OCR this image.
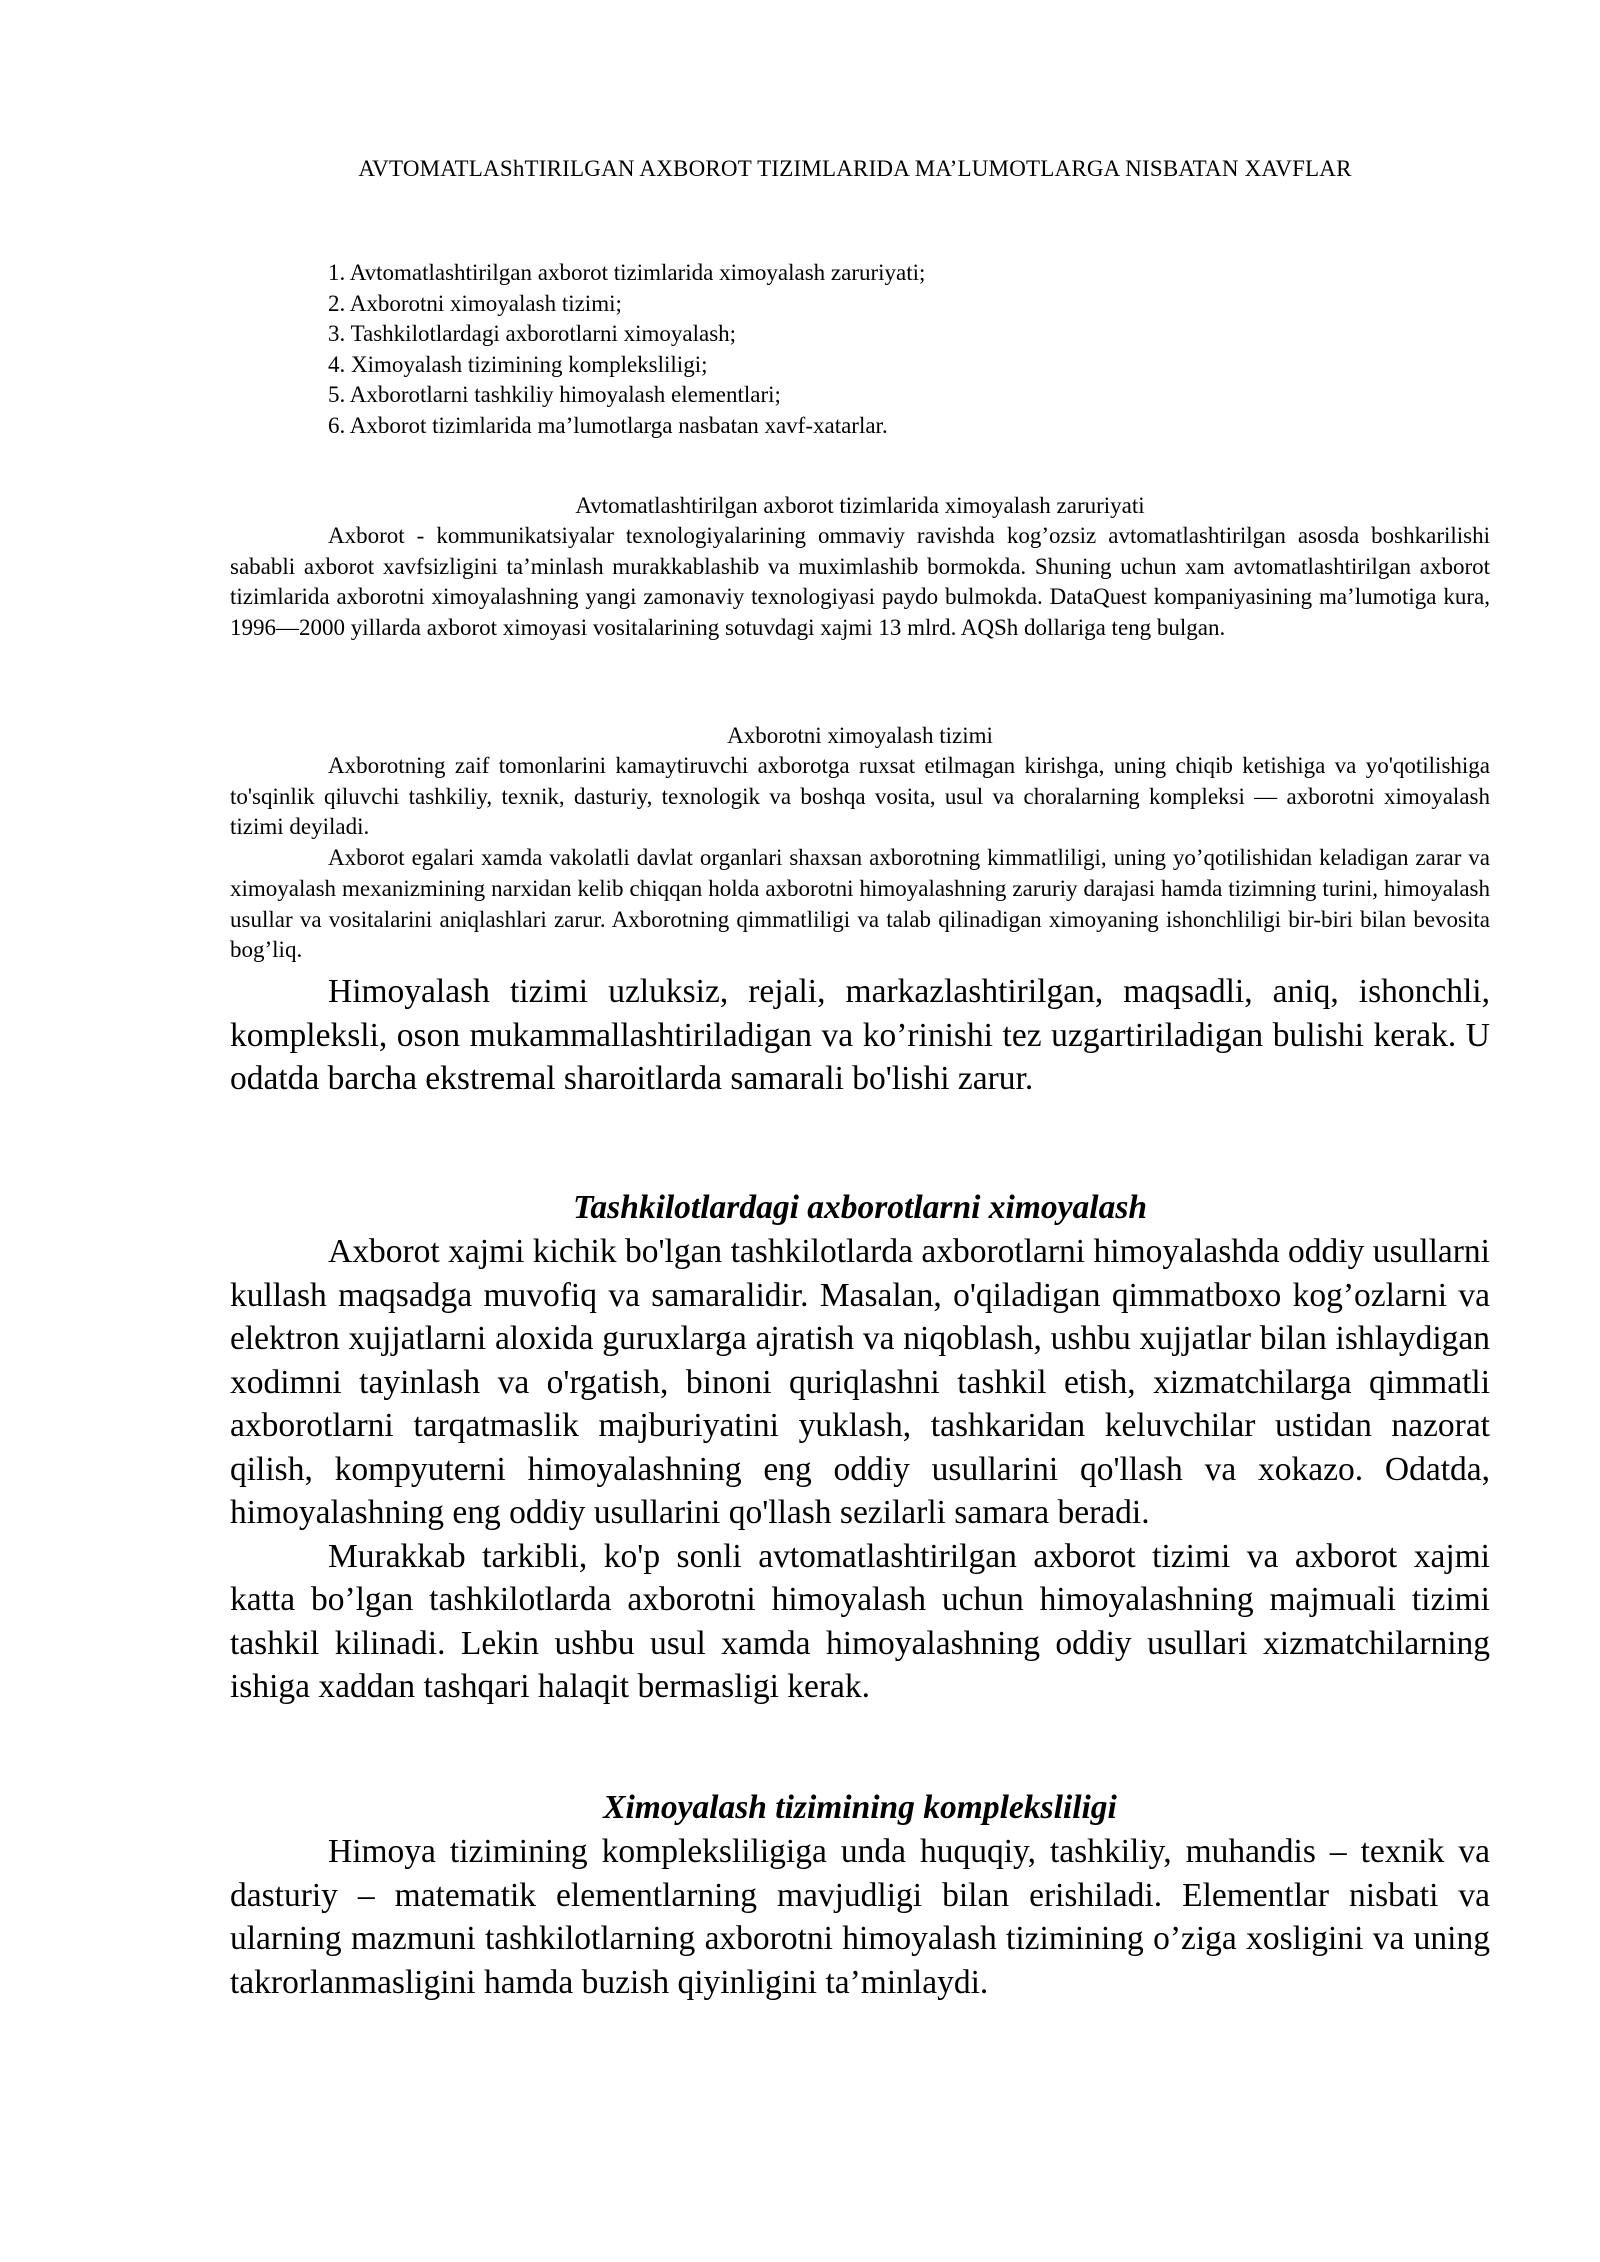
AVTOMATLAShTIRILGAN AXBOROT TIZIMLARIDA MA’LUMOTLARGA NISBATAN XAVFLAR
1. Avtomatlashtirilgan axborot tizimlarida ximoyalash zaruriyati;
2. Axborotni ximoyalash tizimi;
3. Tashkilotlardagi axborotlarni ximoyalash;
4. Ximoyalash tizimining kompleksliligi;
5. Axborotlarni tashkiliy himoyalash elementlari;
6. Axborot tizimlarida ma’lumotlarga nasbatan xavf-xatarlar.
Avtomatlashtirilgan axborot tizimlarida ximoyalash zaruriyati

Axborot - kommunikatsiyalar texnologiyalarining ommaviy ravishda kog’ozsiz avtomatlashtirilgan asosda boshkarilishi sababli axborot xavfsizligini ta’minlash murakkablashib va muximlashib bormokda. Shuning uchun xam avtomatlashtirilgan axborot tizimlarida axborotni ximoyalashning yangi zamonaviy texnologiyasi paydo bulmokda. DataQuest kompaniyasining ma’lumotiga kura, 1996—2000 yillarda axborot ximoyasi vositalarining sotuvdagi xajmi 13 mlrd. AQSh dollariga teng bulgan.

Axborotni ximoyalash tizimi

Axborotning zaif tomonlarini kamaytiruvchi axborotga ruxsat etilmagan kirishga, uning chiqib ketishiga va yo'qotilishiga to'sqinlik qiluvchi tashkiliy, texnik, dasturiy, texnologik va boshqa vosita, usul va choralarning kompleksi — axborotni ximoyalash tizimi deyiladi.

Axborot egalari xamda vakolatli davlat organlari shaxsan axborotning kimmatliligi, uning yo’qotilishidan keladigan zarar va ximoyalash mexanizmining narxidan kelib chiqqan holda axborotni himoyalashning zaruriy darajasi hamda tizimning turini, himoyalash usullar va vositalarini aniqlashlari zarur. Axborotning qimmatliligi va talab qilinadigan ximoyaning ishonchliligi bir-biri bilan bevosita bog’liq.

Himoyalash tizimi uzluksiz, rejali, markazlashtirilgan, maqsadli, aniq, ishonchli, kompleksli, oson mukammallashtiriladigan va ko’rinishi tez uzgartiriladigan bulishi kerak. U odatda barcha ekstremal sharoitlarda samarali bo'lishi zarur.

Tashkilotlardagi axborotlarni ximoyalash

Axborot xajmi kichik bo'lgan tashkilotlarda axborotlarni himoyalashda oddiy usullarni kullash maqsadga muvofiq va samaralidir. Masalan, o'qiladigan qimmatboxo kog’ozlarni va elektron xujjatlarni aloxida guruxlarga ajratish va niqoblash, ushbu xujjatlar bilan ishlaydigan xodimni tayinlash va o'rgatish, binoni quriqlashni tashkil etish, xizmatchilarga qimmatli axborotlarni tarqatmaslik majburiyatini yuklash, tashkaridan keluvchilar ustidan nazorat qilish, kompyuterni himoyalashning eng oddiy usullarini qo'llash va xokazo. Odatda, himoyalashning eng oddiy usullarini qo'llash sezilarli samara beradi.

Murakkab tarkibli, ko'p sonli avtomatlashtirilgan axborot tizimi va axborot xajmi katta bo’lgan tashkilotlarda axborotni himoyalash uchun himoyalashning majmuali tizimi tashkil kilinadi. Lekin ushbu usul xamda himoyalashning oddiy usullari xizmatchilarning ishiga xaddan tashqari halaqit bermasligi kerak.

Ximoyalash tizimining kompleksliligi

Himoya tizimining kompleksliligiga unda huquqiy, tashkiliy, muhandis – texnik va dasturiy – matematik elementlarning mavjudligi bilan erishiladi. Elementlar nisbati va ularning mazmuni tashkilotlarning axborotni himoyalash tizimining o’ziga xosligini va uning takrorlanmasligini hamda buzish qiyinligini ta’minlaydi.
